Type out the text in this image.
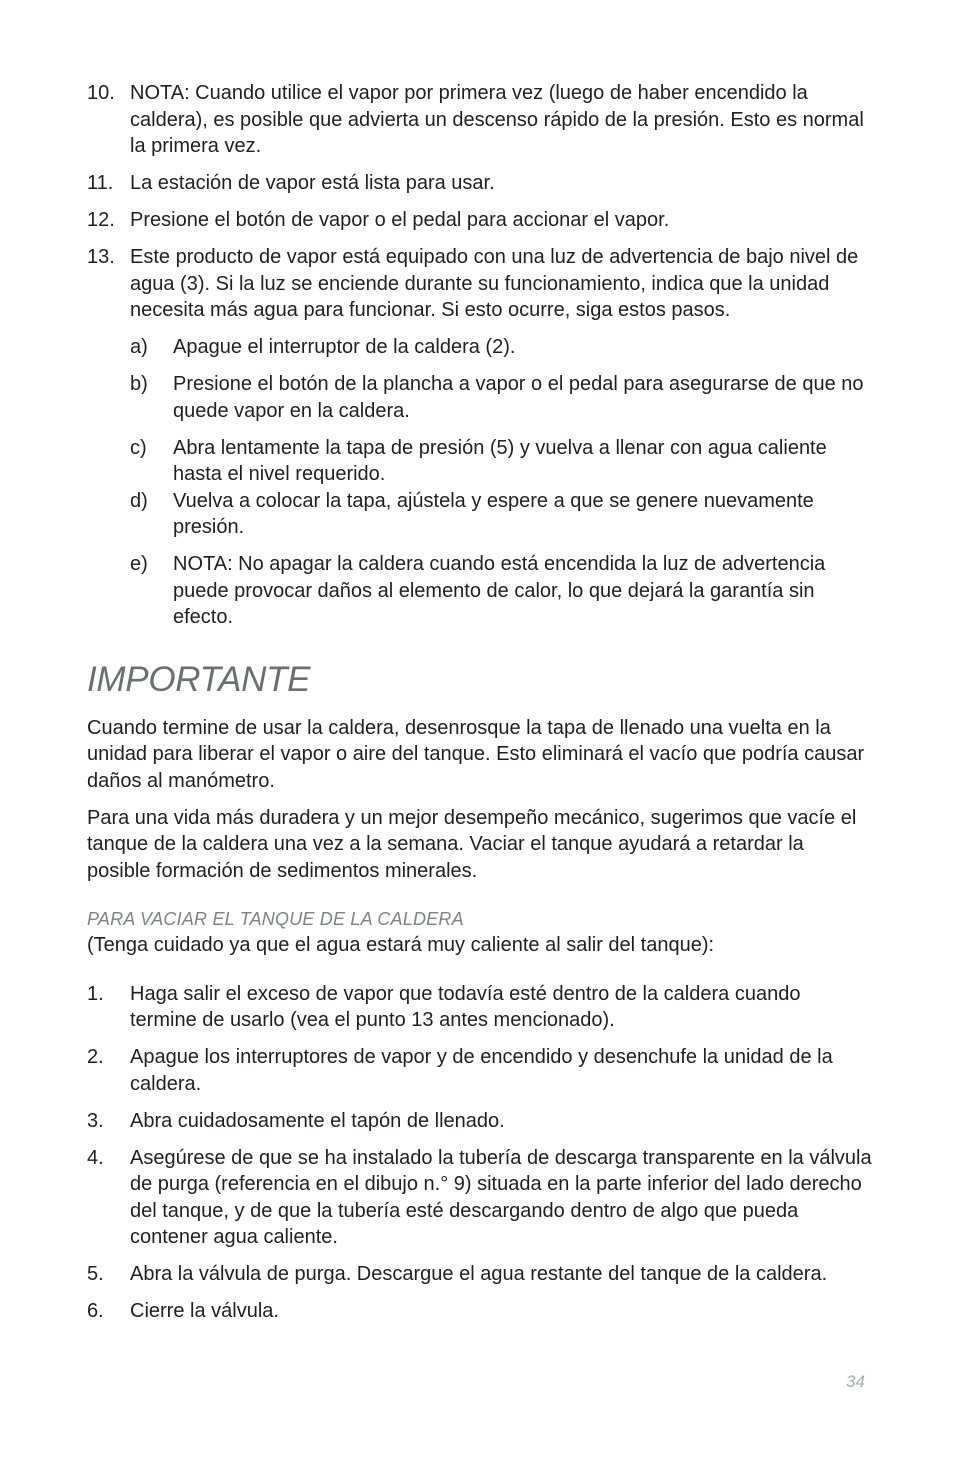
10. NOTA: Cuando utilice el vapor por primera vez (luego de haber encendido la caldera), es posible que advierta un descenso rápido de la presión. Esto es normal la primera vez.
11. La estación de vapor está lista para usar.
12. Presione el botón de vapor o el pedal para accionar el vapor.
13. Este producto de vapor está equipado con una luz de advertencia de bajo nivel de agua (3). Si la luz se enciende durante su funcionamiento, indica que la unidad necesita más agua para funcionar. Si esto ocurre, siga estos pasos.
a)	Apague el interruptor de la caldera (2).
b)	Presione el botón de la plancha a vapor o el pedal para asegurarse de que no quede vapor en la caldera.
c)	Abra lentamente la tapa de presión (5) y vuelva a llenar con agua caliente hasta el nivel requerido.
d)	Vuelva a colocar la tapa, ajústela y espere a que se genere nuevamente presión.
e)	NOTA: No apagar la caldera cuando está encendida la luz de advertencia puede provocar daños al elemento de calor, lo que dejará la garantía sin efecto.
IMPORTANTE

Cuando termine de usar la caldera, desenrosque la tapa de llenado una vuelta en la unidad para liberar el vapor o aire del tanque. Esto eliminará el vacío que podría causar daños al manómetro.

Para una vida más duradera y un mejor desempeño mecánico, sugerimos que vacíe el tanque de la caldera una vez a la semana. Vaciar el tanque ayudará a retardar la posible formación de sedimentos minerales.

PARA VACIAR EL TANQUE DE LA CALDERA

(Tenga cuidado ya que el agua estará muy caliente al salir del tanque):

1.	Haga salir el exceso de vapor que todavía esté dentro de la caldera cuando termine de usarlo (vea el punto 13 antes mencionado).
2.	Apague los interruptores de vapor y de encendido y desenchufe la unidad de la caldera.
3.	Abra cuidadosamente el tapón de llenado.
4.	Asegúrese de que se ha instalado la tubería de descarga transparente en la válvula de purga (referencia en el dibujo n.° 9) situada en la parte inferior del lado derecho del tanque, y de que la tubería esté descargando dentro de algo que pueda contener agua caliente.
5.	Abra la válvula de purga. Descargue el agua restante del tanque de la caldera.
6.	Cierre la válvula.
34
